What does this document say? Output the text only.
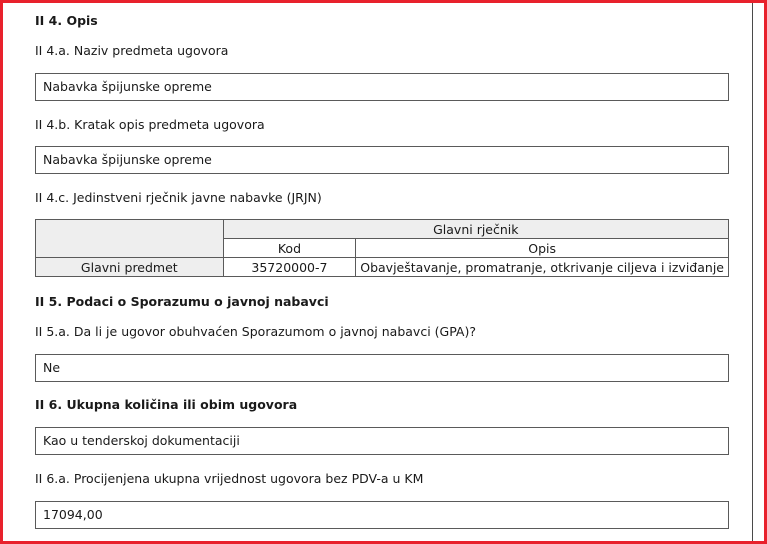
II 4. Opis
II 4.a. Naziv predmeta ugovora
Nabavka špijunske opreme
II 4.b. Kratak opis predmeta ugovora
Nabavka špijunske opreme
II 4.c. Jedinstveni rječnik javne nabavke (JRJN)
	Glavni rječnik	
	Kod	Opis
Glavni predmet	35720000-7	Obavještavanje, promatranje, otkrivanje ciljeva i izviđanje
II 5. Podaci o Sporazumu o javnoj nabavci
II 5.a. Da li je ugovor obuhvaćen Sporazumom o javnoj nabavci (GPA)?
Ne
II 6. Ukupna količina ili obim ugovora
Kao u tenderskoj dokumentaciji
II 6.a. Procijenjena ukupna vrijednost ugovora bez PDV-a u KM
17094,00
